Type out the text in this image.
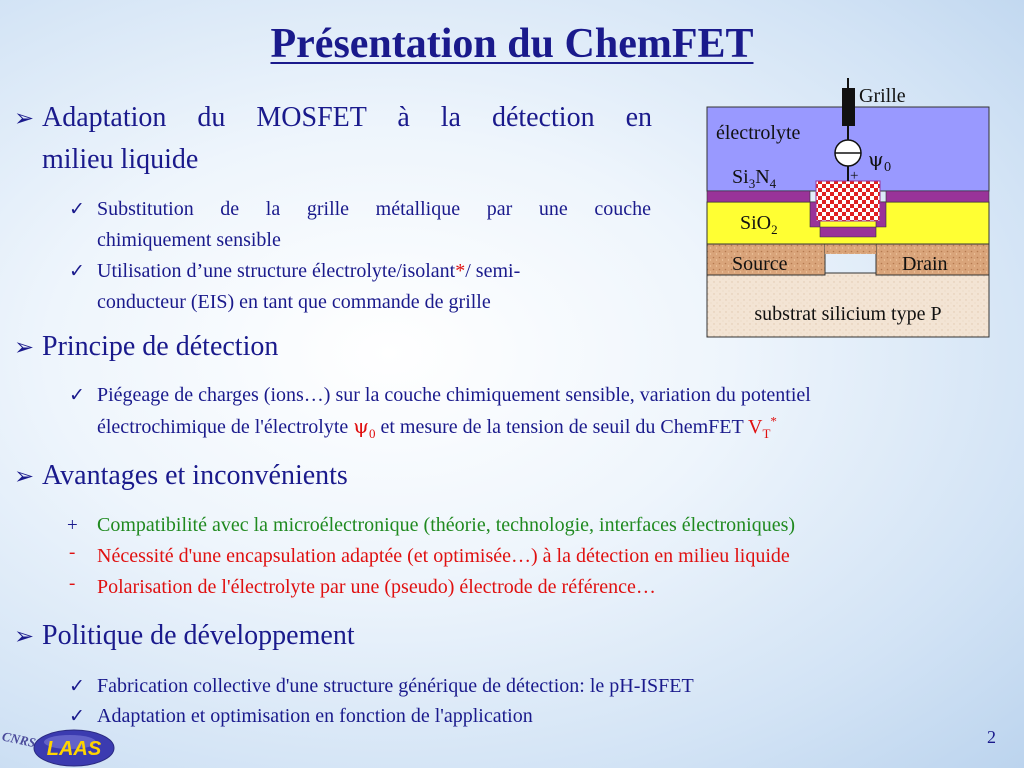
Présentation du ChemFET
➢ Adaptation du MOSFET à la détection en
milieu liquide
✓ Substitution de la grille métallique par une couche
chimiquement sensible
✓ Utilisation d’une structure électrolyte/isolant*/ semi-
conducteur (EIS) en tant que commande de grille
➢ Principe de détection
✓ Piégeage de charges (ions…) sur la couche chimiquement sensible, variation du potentiel
électrochimique de l'électrolyte $\psi_0$ et mesure de la tension de seuil du ChemFET $V_T^*$
➢ Avantages et inconvénients
+ Compatibilité avec la microélectronique (théorie, technologie, interfaces électroniques)
- Nécessité d'une encapsulation adaptée (et optimisée…) à la détection en milieu liquide
- Polarisation de l'électrolyte par une (pseudo) électrode de référence…
➢ Politique de développement
✓ Fabrication collective d'une structure générique de détection: le pH-ISFET
✓ Adaptation et optimisation en fonction de l'application
Grille
électrolyte
$\psi_0$
+
$Si_3N_4$
SiO$_2$
Source	Drain
substrat silicium type P
CNRS LAAS
2
